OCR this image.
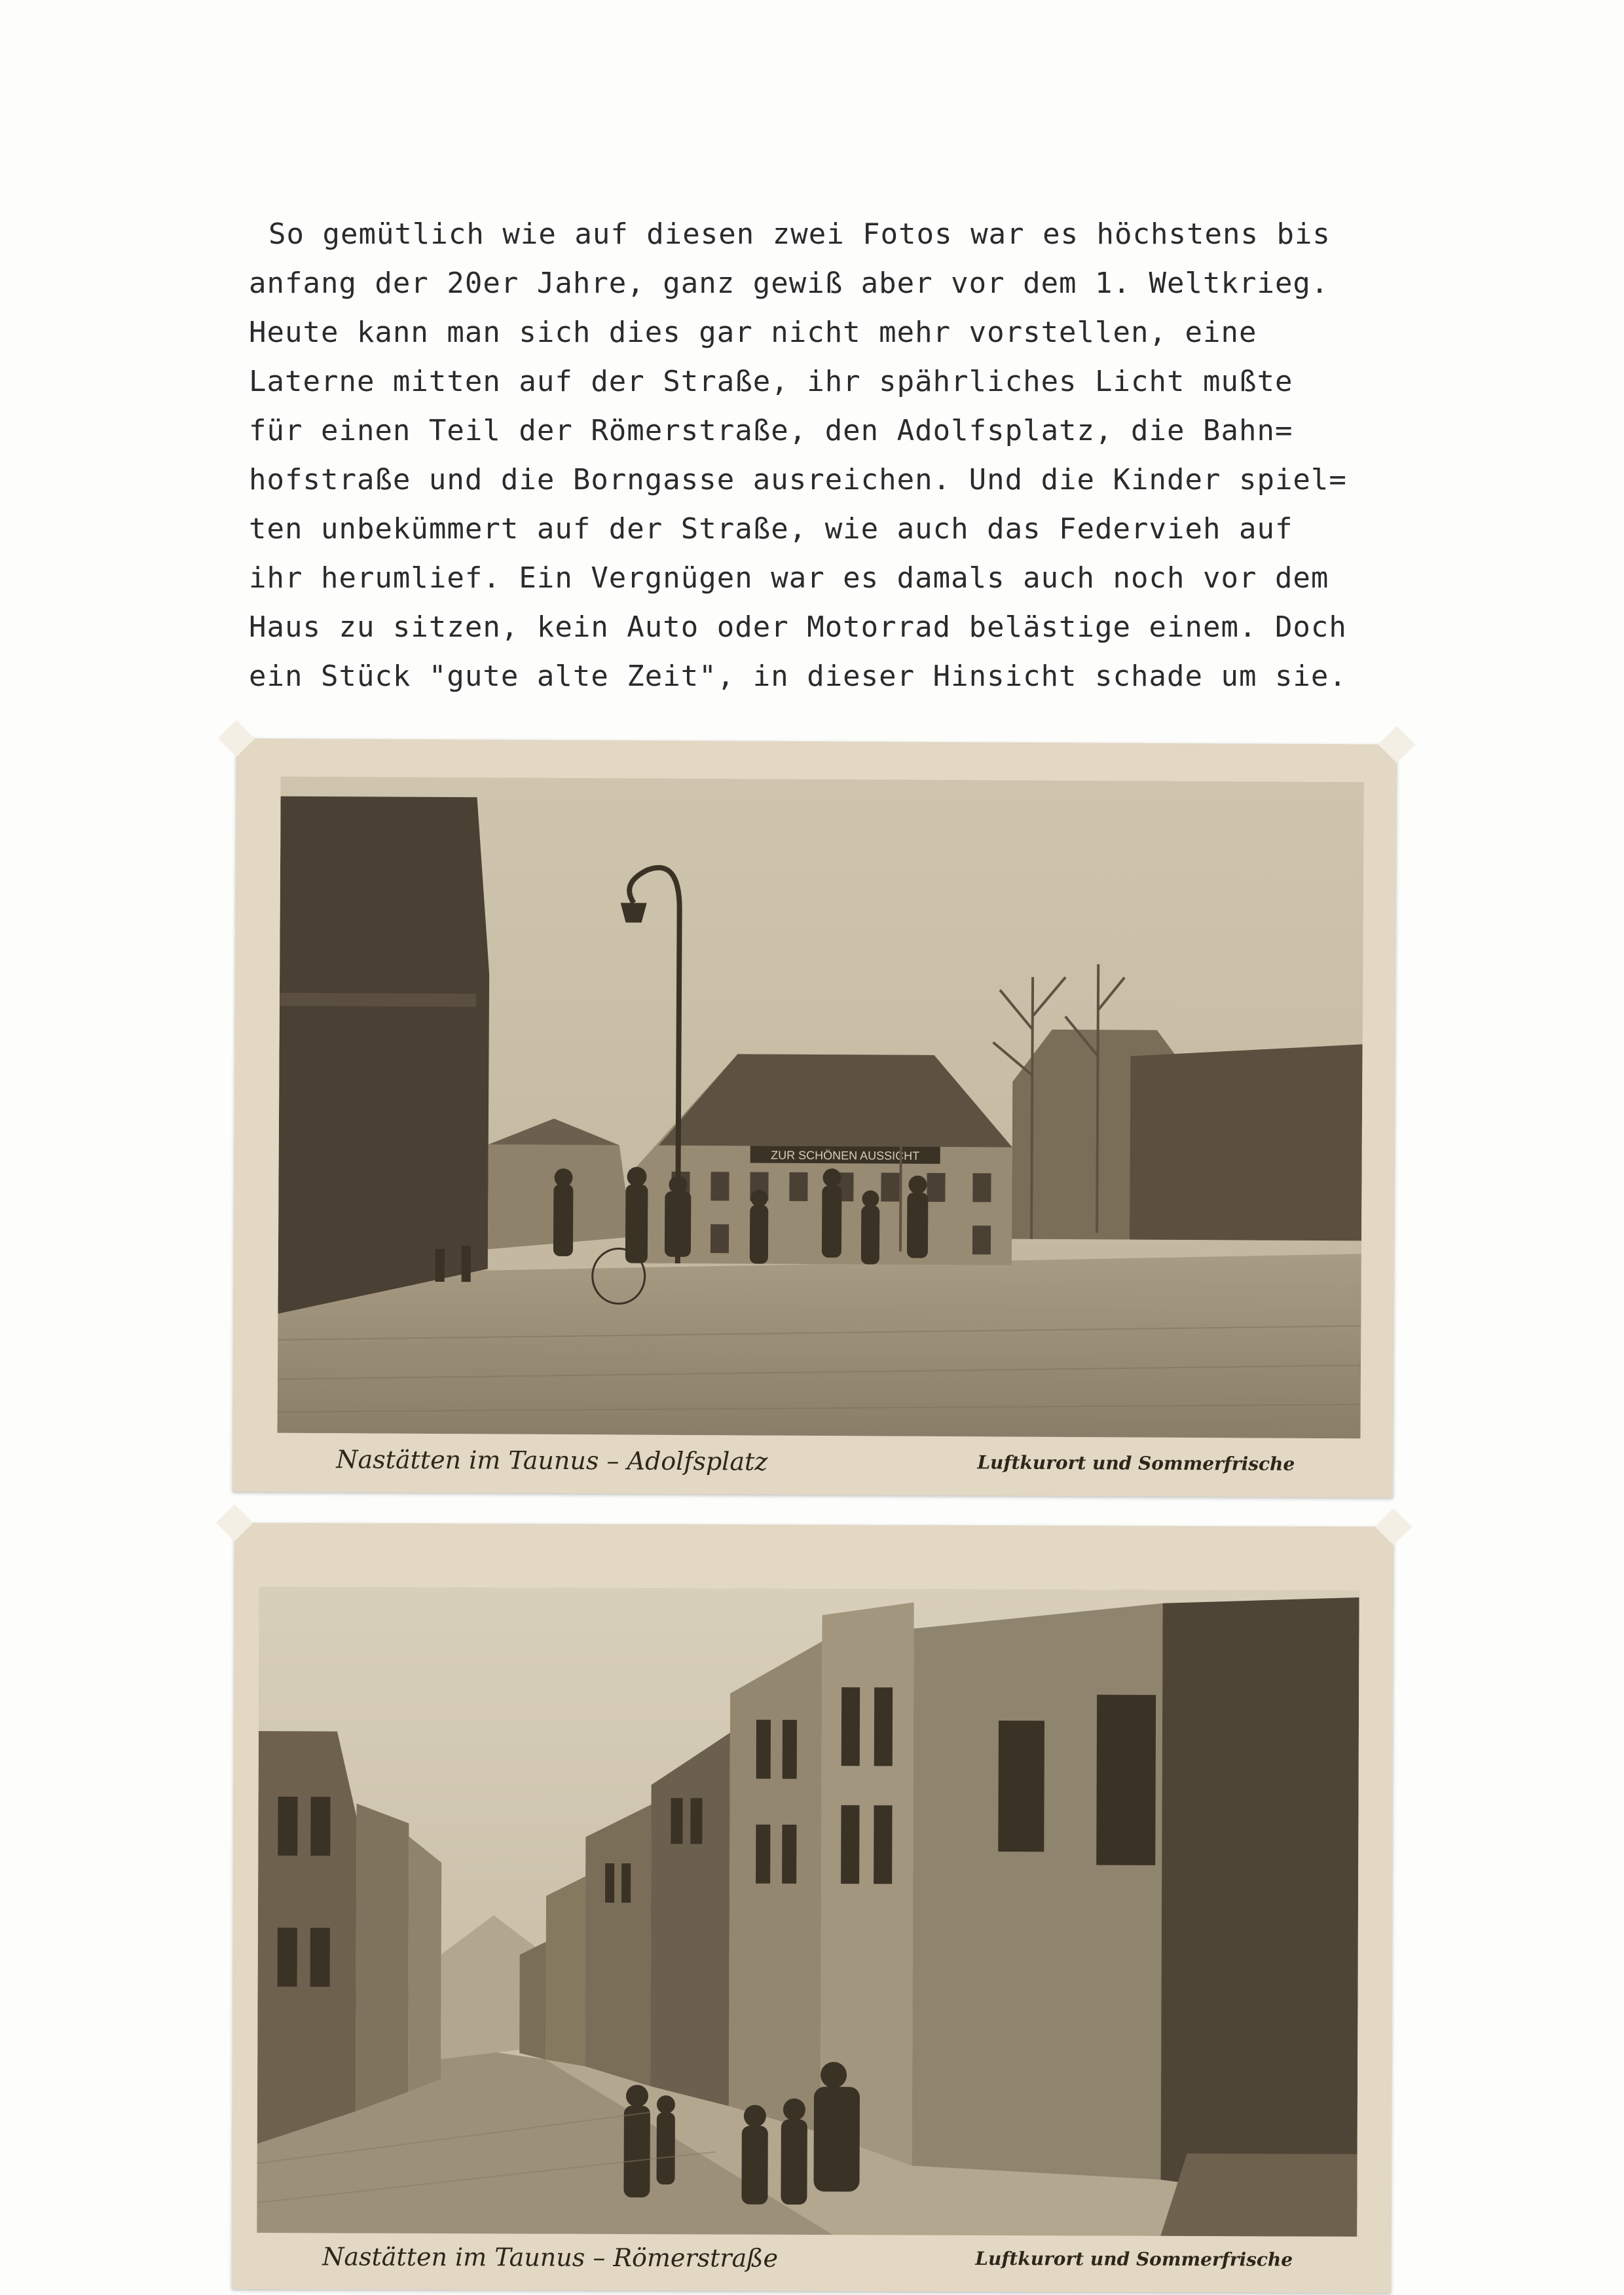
So gemütlich wie auf diesen zwei Fotos war es höchstens bis
anfang der 20er Jahre, ganz gewiß aber vor dem 1. Weltkrieg.
Heute kann man sich dies gar nicht mehr vorstellen, eine
Laterne mitten auf der Straße, ihr spährliches Licht mußte
für einen Teil der Römerstraße, den Adolfsplatz, die Bahn=
hofstraße und die Borngasse ausreichen. Und die Kinder spiel=
ten unbekümmert auf der Straße, wie auch das Federvieh auf
ihr herumlief. Ein Vergnügen war es damals auch noch vor dem
Haus zu sitzen, kein Auto oder Motorrad belästige einem. Doch
ein Stück "gute alte Zeit", in dieser Hinsicht schade um sie.
ZUR SCHÖNEN AUSSICHT
Nastätten im Taunus – Adolfsplatz	Luftkurort und Sommerfrische
Nastätten im Taunus – Römerstraße	Luftkurort und Sommerfrische
